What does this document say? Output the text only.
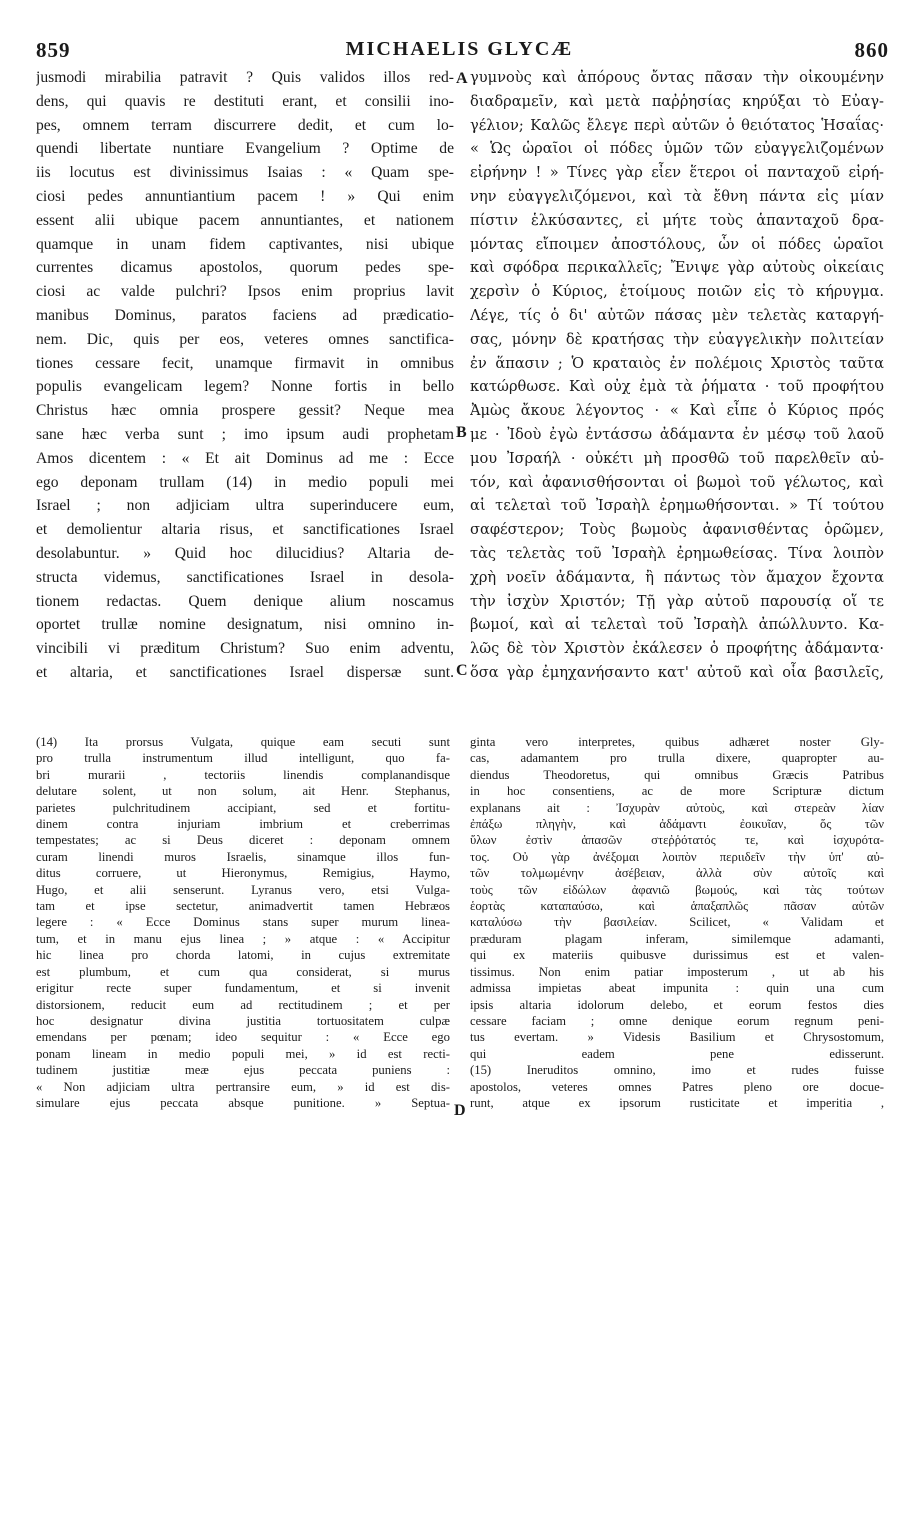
859	MICHAELIS GLYCÆ	860
A
B
C
D
jusmodi mirabilia patravit ? Quis validos illos red-
dens, qui quavis re destituti erant, et consilii ino-
pes, omnem terram discurrere dedit, et cum lo-
quendi libertate nuntiare Evangelium ? Optime de
iis locutus est divinissimus Isaias : « Quam spe-
ciosi pedes annuntiantium pacem ! » Qui enim
essent alii ubique pacem annuntiantes, et nationem
quamque in unam fidem captivantes, nisi ubique
currentes dicamus apostolos, quorum pedes spe-
ciosi ac valde pulchri? Ipsos enim proprius lavit
manibus Dominus, paratos faciens ad prædicatio-
nem. Dic, quis per eos, veteres omnes sanctifica-
tiones cessare fecit, unamque firmavit in omnibus
populis evangelicam legem? Nonne fortis in bello
Christus hæc omnia prospere gessit? Neque mea
sane hæc verba sunt ; imo ipsum audi prophetam
Amos dicentem : « Et ait Dominus ad me : Ecce
ego deponam trullam (14) in medio populi mei
Israel ; non adjiciam ultra superinducere eum,
et demolientur altaria risus, et sanctificationes Israel
desolabuntur. » Quid hoc dilucidius? Altaria de-
structa videmus, sanctificationes Israel in desola-
tionem redactas. Quem denique alium noscamus
oportet trullæ nomine designatum, nisi omnino in-
vincibili vi præditum Christum? Suo enim adventu,
et altaria, et sanctificationes Israel dispersæ sunt.
γυμνοὺς καὶ ἀπόρους ὄντας πᾶσαν τὴν οἰκουμένην
διαδραμεῖν, καὶ μετὰ παῤῥησίας κηρύξαι τὸ Εὐαγ-
γέλιον; Καλῶς ἔλεγε περὶ αὐτῶν ὁ θειότατος Ἡσαΐας·
« Ὡς ὡραῖοι οἱ πόδες ὑμῶν τῶν εὐαγγελιζομένων
εἰρήνην ! » Τίνες γὰρ εἶεν ἕτεροι οἱ πανταχοῦ εἰρή-
νην εὐαγγελιζόμενοι, καὶ τὰ ἔθνη πάντα εἰς μίαν
πίστιν ἑλκύσαντες, εἰ μήτε τοὺς ἁπανταχοῦ δρα-
μόντας εἴποιμεν ἀποστόλους, ὧν οἱ πόδες ὡραῖοι
καὶ σφόδρα περικαλλεῖς; Ἔνιψε γὰρ αὐτοὺς οἰκείαις
χερσὶν ὁ Κύριος, ἑτοίμους ποιῶν εἰς τὸ κήρυγμα.
Λέγε, τίς ὁ δι' αὐτῶν πάσας μὲν τελετὰς καταργή-
σας, μόνην δὲ κρατήσας τὴν εὐαγγελικὴν πολιτείαν
ἐν ἅπασιν ; Ὁ κραταιὸς ἐν πολέμοις Χριστὸς ταῦτα
κατώρθωσε. Καὶ οὐχ ἐμὰ τὰ ῥήματα · τοῦ προφήτου
Ἀμὼς ἄκουε λέγοντος · « Καὶ εἶπε ὁ Κύριος πρός
με · Ἰδοὺ ἐγὼ ἐντάσσω ἀδάμαντα ἐν μέσῳ τοῦ λαοῦ
μου Ἰσραήλ · οὐκέτι μὴ προσθῶ τοῦ παρελθεῖν αὐ-
τόν, καὶ ἀφανισθήσονται οἱ βωμοὶ τοῦ γέλωτος, καὶ
αἱ τελεταὶ τοῦ Ἰσραὴλ ἐρημωθήσονται. » Τί τούτου
σαφέστερον; Τοὺς βωμοὺς ἀφανισθέντας ὁρῶμεν,
τὰς τελετὰς τοῦ Ἰσραὴλ ἐρημωθείσας. Τίνα λοιπὸν
χρὴ νοεῖν ἀδάμαντα, ἢ πάντως τὸν ἄμαχον ἔχοντα
τὴν ἰσχὺν Χριστόν; Τῇ γὰρ αὐτοῦ παρουσίᾳ οἵ τε
βωμοί, καὶ αἱ τελεταὶ τοῦ Ἰσραὴλ ἀπώλλυντο. Κα-
λῶς δὲ τὸν Χριστὸν ἐκάλεσεν ὁ προφήτης ἀδάμαντα·
ὅσα γὰρ ἐμηχανήσαντο κατ' αὐτοῦ καὶ οἷα βασιλεῖς,
(14) Ita prorsus Vulgata, quique eam secuti sunt
pro trulla instrumentum illud intelligunt, quo fa-
bri murarii , tectoriis linendis complanandisque
delutare solent, ut non solum, ait Henr. Stephanus,
parietes pulchritudinem accipiant, sed et fortitu-
dinem contra injuriam imbrium et creberrimas
tempestates; ac si Deus diceret : deponam omnem
curam linendi muros Israelis, sinamque illos fun-
ditus corruere, ut Hieronymus, Remigius, Haymo,
Hugo, et alii senserunt. Lyranus vero, etsi Vulga-
tam et ipse sectetur, animadvertit tamen Hebræos
legere : « Ecce Dominus stans super murum linea-
tum, et in manu ejus linea ; » atque : « Accipitur
hic linea pro chorda latomi, in cujus extremitate
est plumbum, et cum qua considerat, si murus
erigitur recte super fundamentum, et si invenit
distorsionem, reducit eum ad rectitudinem ; et per
hoc designatur divina justitia tortuositatem culpæ
emendans per pœnam; ideo sequitur : « Ecce ego
ponam lineam in medio populi mei, » id est recti-
tudinem justitiæ meæ ejus peccata puniens :
« Non adjiciam ultra pertransire eum, » id est dis-
simulare ejus peccata absque punitione. » Septua-
ginta vero interpretes, quibus adhæret noster Gly-
cas, adamantem pro trulla dixere, quapropter au-
diendus Theodoretus, qui omnibus Græcis Patribus
in hoc consentiens, ac de more Scripturæ dictum
explanans ait : Ἰσχυρὰν αὐτοὺς, καὶ στερεὰν λίαν
ἐπάξω πληγὴν, καὶ ἀδάμαντι ἐοικυῖαν, ὅς τῶν
ὕλων ἐστὶν ἁπασῶν στεῤῥότατός τε, καὶ ἰσχυρότα-
τος. Οὐ γὰρ ἀνέξομαι λοιπὸν περιιδεῖν τὴν ὑπ' αὐ-
τῶν τολμωμένην ἀσέβειαν, ἀλλὰ σὺν αὐτοῖς καὶ
τοὺς τῶν εἰδώλων ἀφανιῶ βωμούς, καὶ τὰς τούτων
ἑορτὰς καταπαύσω, καὶ ἁπαξαπλῶς πᾶσαν αὐτῶν
καταλύσω τὴν βασιλείαν. Scilicet, « Validam et
præduram plagam inferam, similemque adamanti,
qui ex materiis quibusve durissimus est et valen-
tissimus. Non enim patiar imposterum , ut ab his
admissa impietas abeat impunita : quin una cum
ipsis altaria idolorum delebo, et eorum festos dies
cessare faciam ; omne denique eorum regnum peni-
tus evertam. » Videsis Basilium et Chrysostomum,
qui eadem pene edisserunt.
(15) Ineruditos omnino, imo et rudes fuisse
apostolos, veteres omnes Patres pleno ore docue-
runt, atque ex ipsorum rusticitate et imperitia ,
